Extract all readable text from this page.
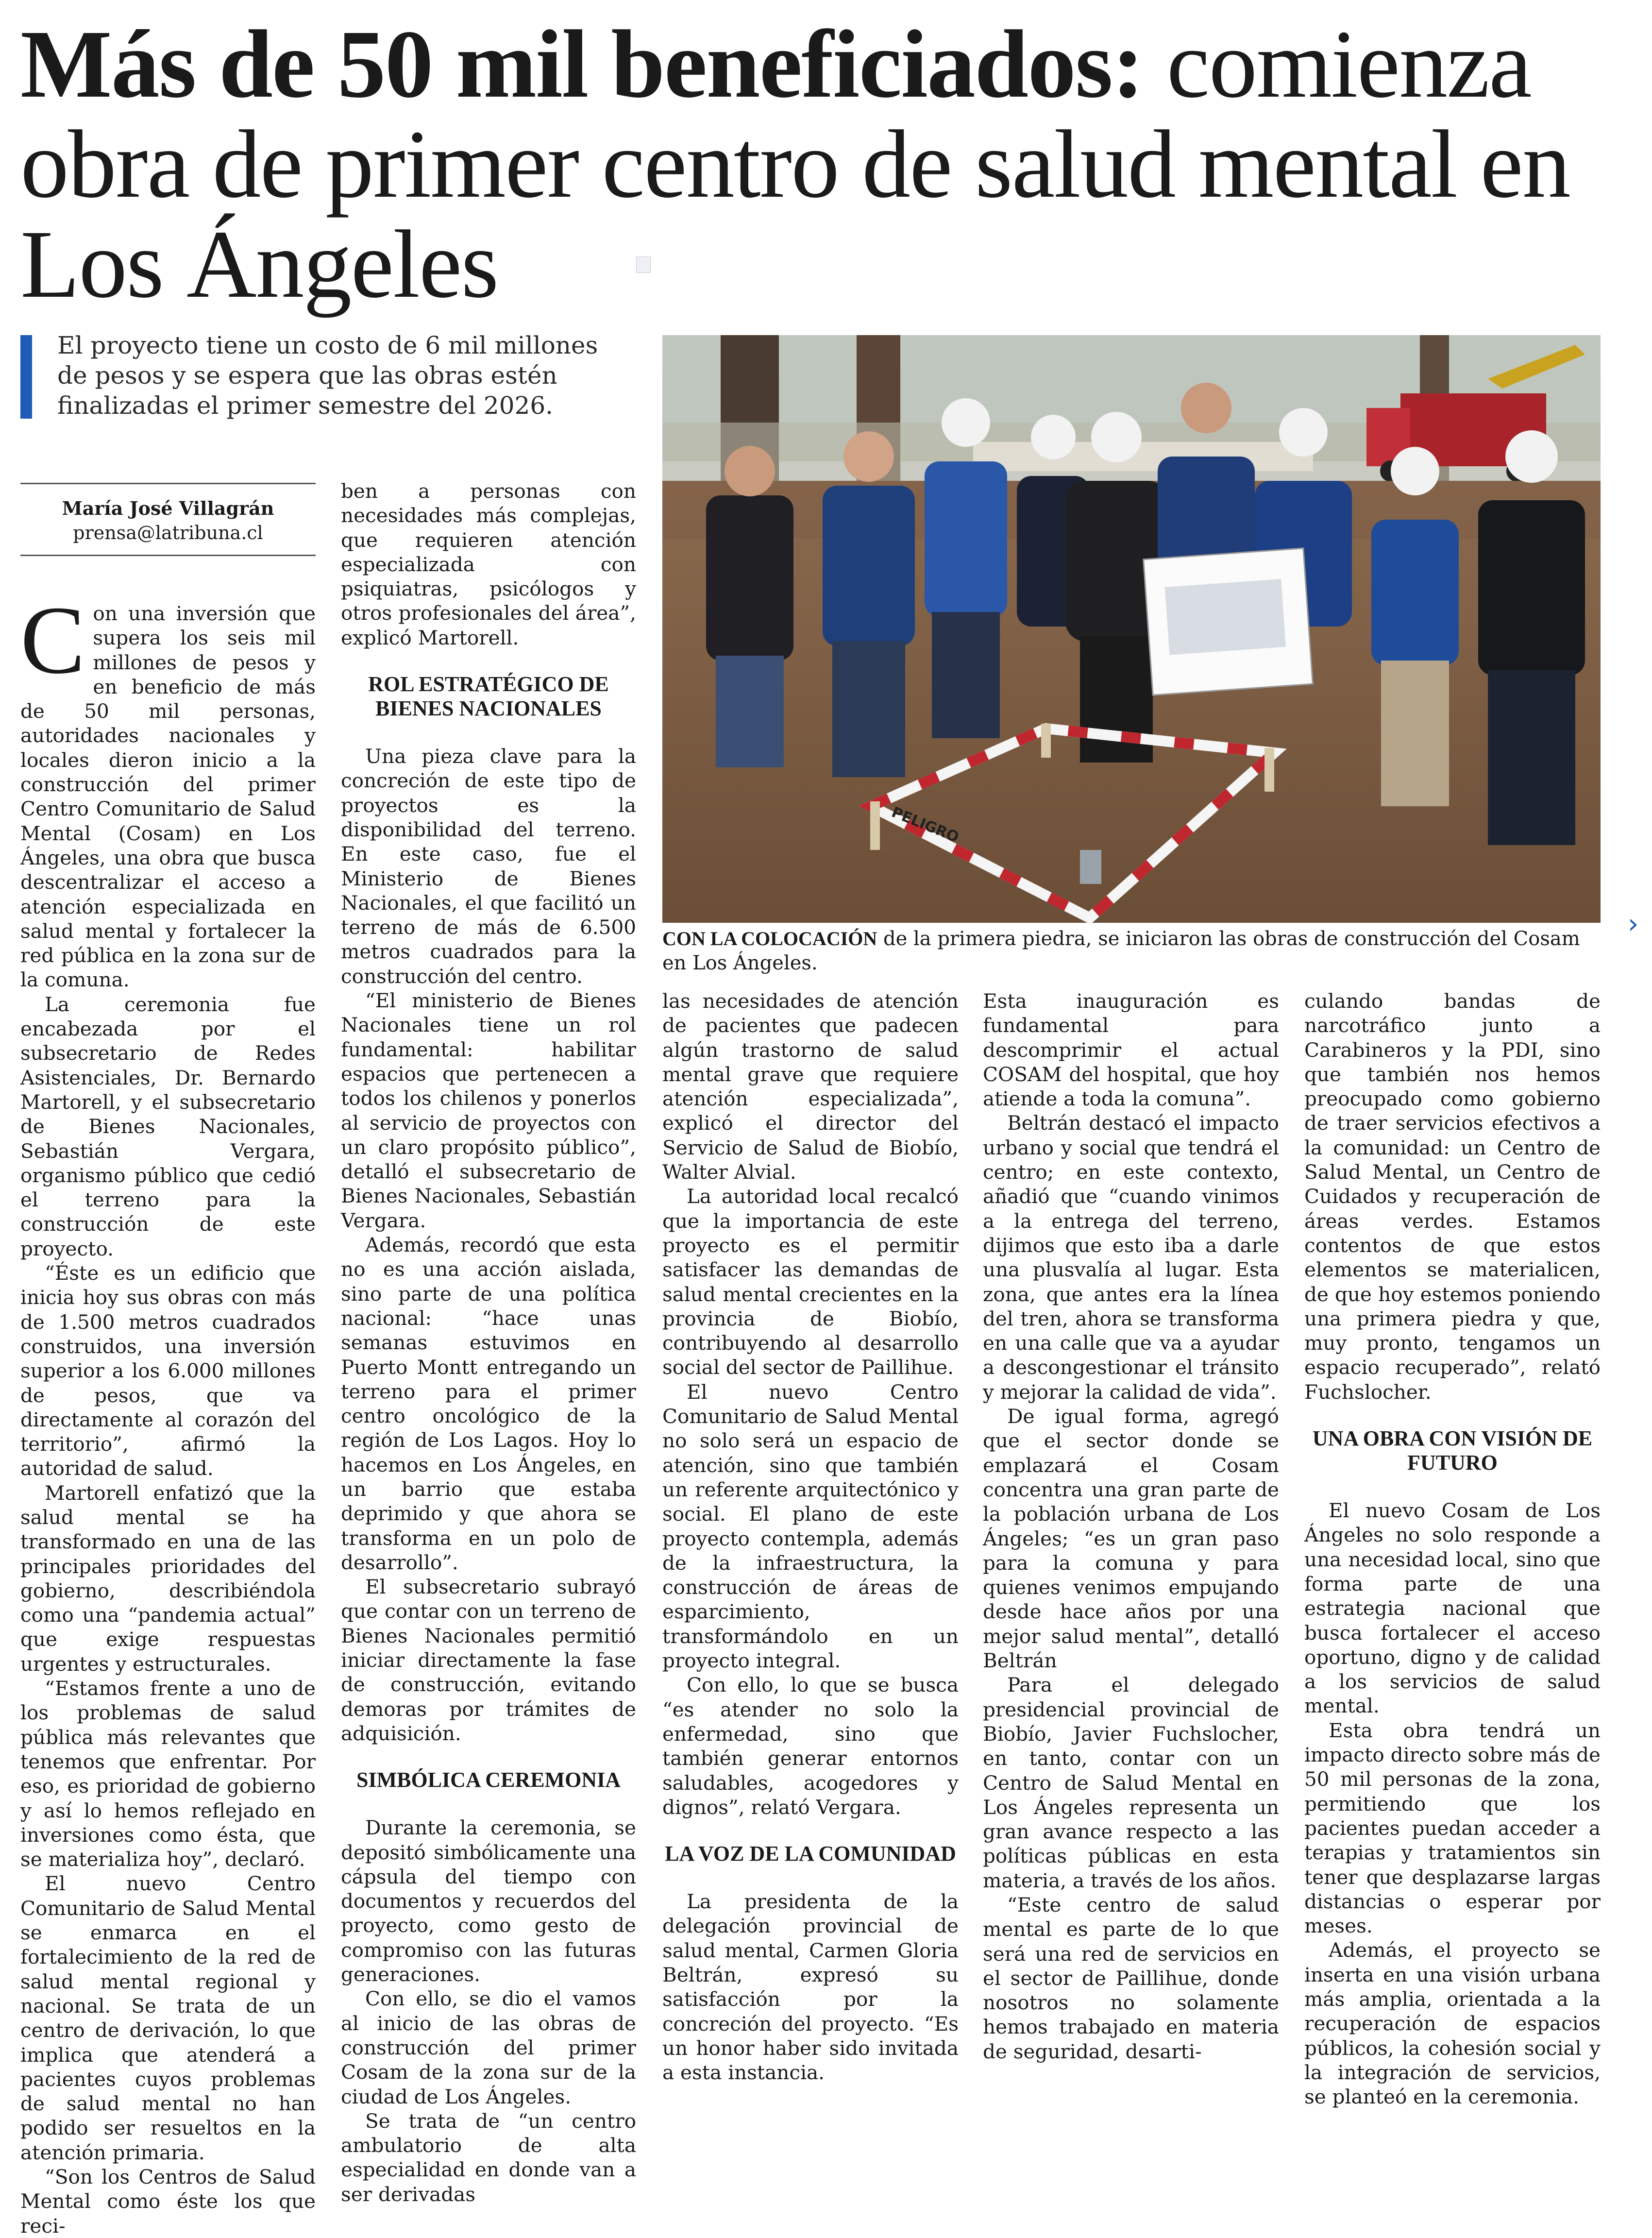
Más de 50 mil beneficiados: comienza obra de primer centro de salud mental en Los Ángeles
El proyecto tiene un costo de 6 mil millones de pesos y se espera que las obras estén finalizadas el primer semestre del 2026.
María José Villagrán
prensa@latribuna.cl

Con una inversión que supera los seis mil millones de pesos y en beneficio de más de 50 mil personas, autoridades nacionales y locales dieron inicio a la construcción del primer Centro Comunitario de Salud Mental (Cosam) en Los Ángeles, una obra que busca descentralizar el acceso a atención especializada en salud mental y fortalecer la red pública en la zona sur de la comuna.

La ceremonia fue encabezada por el subsecretario de Redes Asistenciales, Dr. Bernardo Martorell, y el subsecretario de Bienes Nacionales, Sebastián Vergara, organismo público que cedió el terreno para la construcción de este proyecto.

“Éste es un edificio que inicia hoy sus obras con más de 1.500 metros cuadrados construidos, una inversión superior a los 6.000 millones de pesos, que va directamente al corazón del territorio”, afirmó la autoridad de salud.

Martorell enfatizó que la salud mental se ha transformado en una de las principales prioridades del gobierno, describiéndola como una “pandemia actual” que exige respuestas urgentes y estructurales.

“Estamos frente a uno de los problemas de salud pública más relevantes que tenemos que enfrentar. Por eso, es prioridad de gobierno y así lo hemos reflejado en inversiones como ésta, que se materializa hoy”, declaró.

El nuevo Centro Comunitario de Salud Mental se enmarca en el fortalecimiento de la red de salud mental regional y nacional. Se trata de un centro de derivación, lo que implica que atenderá a pacientes cuyos problemas de salud mental no han podido ser resueltos en la atención primaria.

“Son los Centros de Salud Mental como éste los que reci-

ben a personas con necesidades más complejas, que requieren atención especializada con psiquiatras, psicólogos y otros profesionales del área”, explicó Martorell.

ROL ESTRATÉGICO DE BIENES NACIONALES

Una pieza clave para la concreción de este tipo de proyectos es la disponibilidad del terreno. En este caso, fue el Ministerio de Bienes Nacionales, el que facilitó un terreno de más de 6.500 metros cuadrados para la construcción del centro.

“El ministerio de Bienes Nacionales tiene un rol fundamental: habilitar espacios que pertenecen a todos los chilenos y ponerlos al servicio de proyectos con un claro propósito público”, detalló el subsecretario de Bienes Nacionales, Sebastián Vergara.

Además, recordó que esta no es una acción aislada, sino parte de una política nacional: “hace unas semanas estuvimos en Puerto Montt entregando un terreno para el primer centro oncológico de la región de Los Lagos. Hoy lo hacemos en Los Ángeles, en un barrio que estaba deprimido y que ahora se transforma en un polo de desarrollo”.

El subsecretario subrayó que contar con un terreno de Bienes Nacionales permitió iniciar directamente la fase de construcción, evitando demoras por trámites de adquisición.

SIMBÓLICA CEREMONIA

Durante la ceremonia, se depositó simbólicamente una cápsula del tiempo con documentos y recuerdos del proyecto, como gesto de compromiso con las futuras generaciones.

Con ello, se dio el vamos al inicio de las obras de construcción del primer Cosam de la zona sur de la ciudad de Los Ángeles.

Se trata de “un centro ambulatorio de alta especialidad en donde van a ser derivadas

PELIGRO
›
CON LA COLOCACIÓN de la primera piedra, se iniciaron las obras de construcción del Cosam en Los Ángeles.

las necesidades de atención de pacientes que padecen algún trastorno de salud mental grave que requiere atención especializada”, explicó el director del Servicio de Salud de Biobío, Walter Alvial.

La autoridad local recalcó que la importancia de este proyecto es el permitir satisfacer las demandas de salud mental crecientes en la provincia de Biobío, contribuyendo al desarrollo social del sector de Paillihue.

El nuevo Centro Comunitario de Salud Mental no solo será un espacio de atención, sino que también un referente arquitectónico y social. El plano de este proyecto contempla, además de la infraestructura, la construcción de áreas de esparcimiento, transformándolo en un proyecto integral.

Con ello, lo que se busca “es atender no solo la enfermedad, sino que también generar entornos saludables, acogedores y dignos”, relató Vergara.

LA VOZ DE LA COMUNIDAD

La presidenta de la delegación provincial de salud mental, Carmen Gloria Beltrán, expresó su satisfacción por la concreción del proyecto. “Es un honor haber sido invitada a esta instancia.

Esta inauguración es fundamental para descomprimir el actual COSAM del hospital, que hoy atiende a toda la comuna”.

Beltrán destacó el impacto urbano y social que tendrá el centro; en este contexto, añadió que “cuando vinimos a la entrega del terreno, dijimos que esto iba a darle una plusvalía al lugar. Esta zona, que antes era la línea del tren, ahora se transforma en una calle que va a ayudar a descongestionar el tránsito y mejorar la calidad de vida”.

De igual forma, agregó que el sector donde se emplazará el Cosam concentra una gran parte de la población urbana de Los Ángeles; “es un gran paso para la comuna y para quienes venimos empujando desde hace años por una mejor salud mental”, detalló Beltrán

Para el delegado presidencial provincial de Biobío, Javier Fuchslocher, en tanto, contar con un Centro de Salud Mental en Los Ángeles representa un gran avance respecto a las políticas públicas en esta materia, a través de los años.

“Este centro de salud mental es parte de lo que será una red de servicios en el sector de Paillihue, donde nosotros no solamente hemos trabajado en materia de seguridad, desarti-

culando bandas de narcotráfico junto a Carabineros y la PDI, sino que también nos hemos preocupado como gobierno de traer servicios efectivos a la comunidad: un Centro de Salud Mental, un Centro de Cuidados y recuperación de áreas verdes. Estamos contentos de que estos elementos se materialicen, de que hoy estemos poniendo una primera piedra y que, muy pronto, tengamos un espacio recuperado”, relató Fuchslocher.

UNA OBRA CON VISIÓN DE FUTURO

El nuevo Cosam de Los Ángeles no solo responde a una necesidad local, sino que forma parte de una estrategia nacional que busca fortalecer el acceso oportuno, digno y de calidad a los servicios de salud mental.

Esta obra tendrá un impacto directo sobre más de 50 mil personas de la zona, permitiendo que los pacientes puedan acceder a terapias y tratamientos sin tener que desplazarse largas distancias o esperar por meses.

Además, el proyecto se inserta en una visión urbana más amplia, orientada a la recuperación de espacios públicos, la cohesión social y la integración de servicios, se planteó en la ceremonia.
